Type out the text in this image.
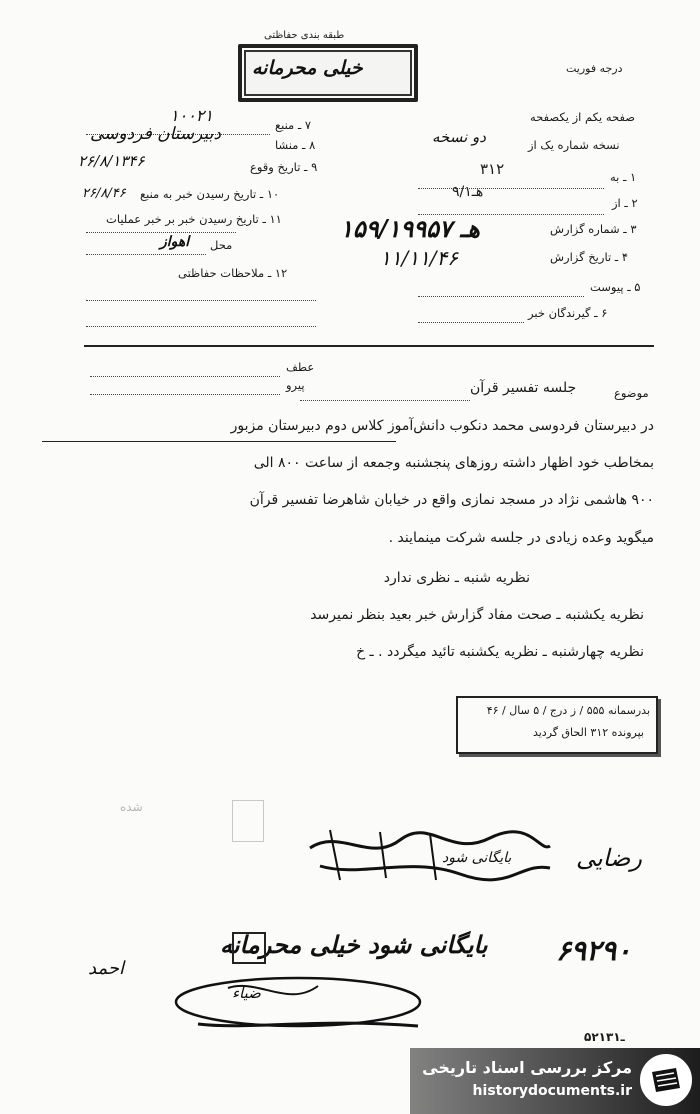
طبقه بندی حفاظتی
خیلی‌ محرمانه	درجه فوریت
۷ ـ منبع
۱۰۰۲۱
۸ ـ منشا
دبیرستان فردوسی
۹ ـ تاریخ وقوع
۲۶/۸/۱۳۴۶
۱۰ ـ تاریخ رسیدن خبر به منبع
۲۶/۸/۴۶
۱۱ ـ تاریخ رسیدن خبر بر خبر عملیات
محل
اهواز
۱۲ ـ ملاحظات حفاظتی
صفحه یکم از یکصفحه
نسخه شماره یک از
دو نسخه
۱ ـ به
۳۱۲
۲ ـ از
۹/۱هـ
۳ ـ شماره گزارش
۱۵۹/۱۹۹۵۷ هـ
۴ ـ تاریخ گزارش
۱۱/۱۱/۴۶
۵ ـ پیوست
۶ ـ گیرندگان خبر
عطف
پیرو
موضوع
جلسه تفسیر قرآن
در دبیرستان فردوسی محمد دنکوب دانش‌آموز کلاس دوم دبیرستان مزبور
بمخاطب خود اظهار داشته روزهای پنجشنبه وجمعه از ساعت ۸۰۰ الی
۹۰۰ هاشمی نژاد در مسجد نمازی واقع در خیابان شاهرضا تفسیر قرآن
میگوید وعده زیادی در جلسه شرکت مینمایند .
نظریه شنبه ـ نظری ندارد
نظریه یکشنبه ـ صحت مفاد گزارش خبر بعید بنظر نمیرسد
نظریه چهارشنبه ـ نظریه یکشنبه تائید میگردد . ـ خ
بدرسمانه ۵۵۵ / ز درج / ۵ سال / ۴۶
بپرونده ۳۱۲ الحاق گردید
شده
بایگانی شود	رضایی
احمد
۶۹۲۹۰
بایگانی شود خیلی محرمانه
ضیاء
۵۲ـ۱۳۱
مرکز بررسی اسناد تاریخی
historydocuments.ir
